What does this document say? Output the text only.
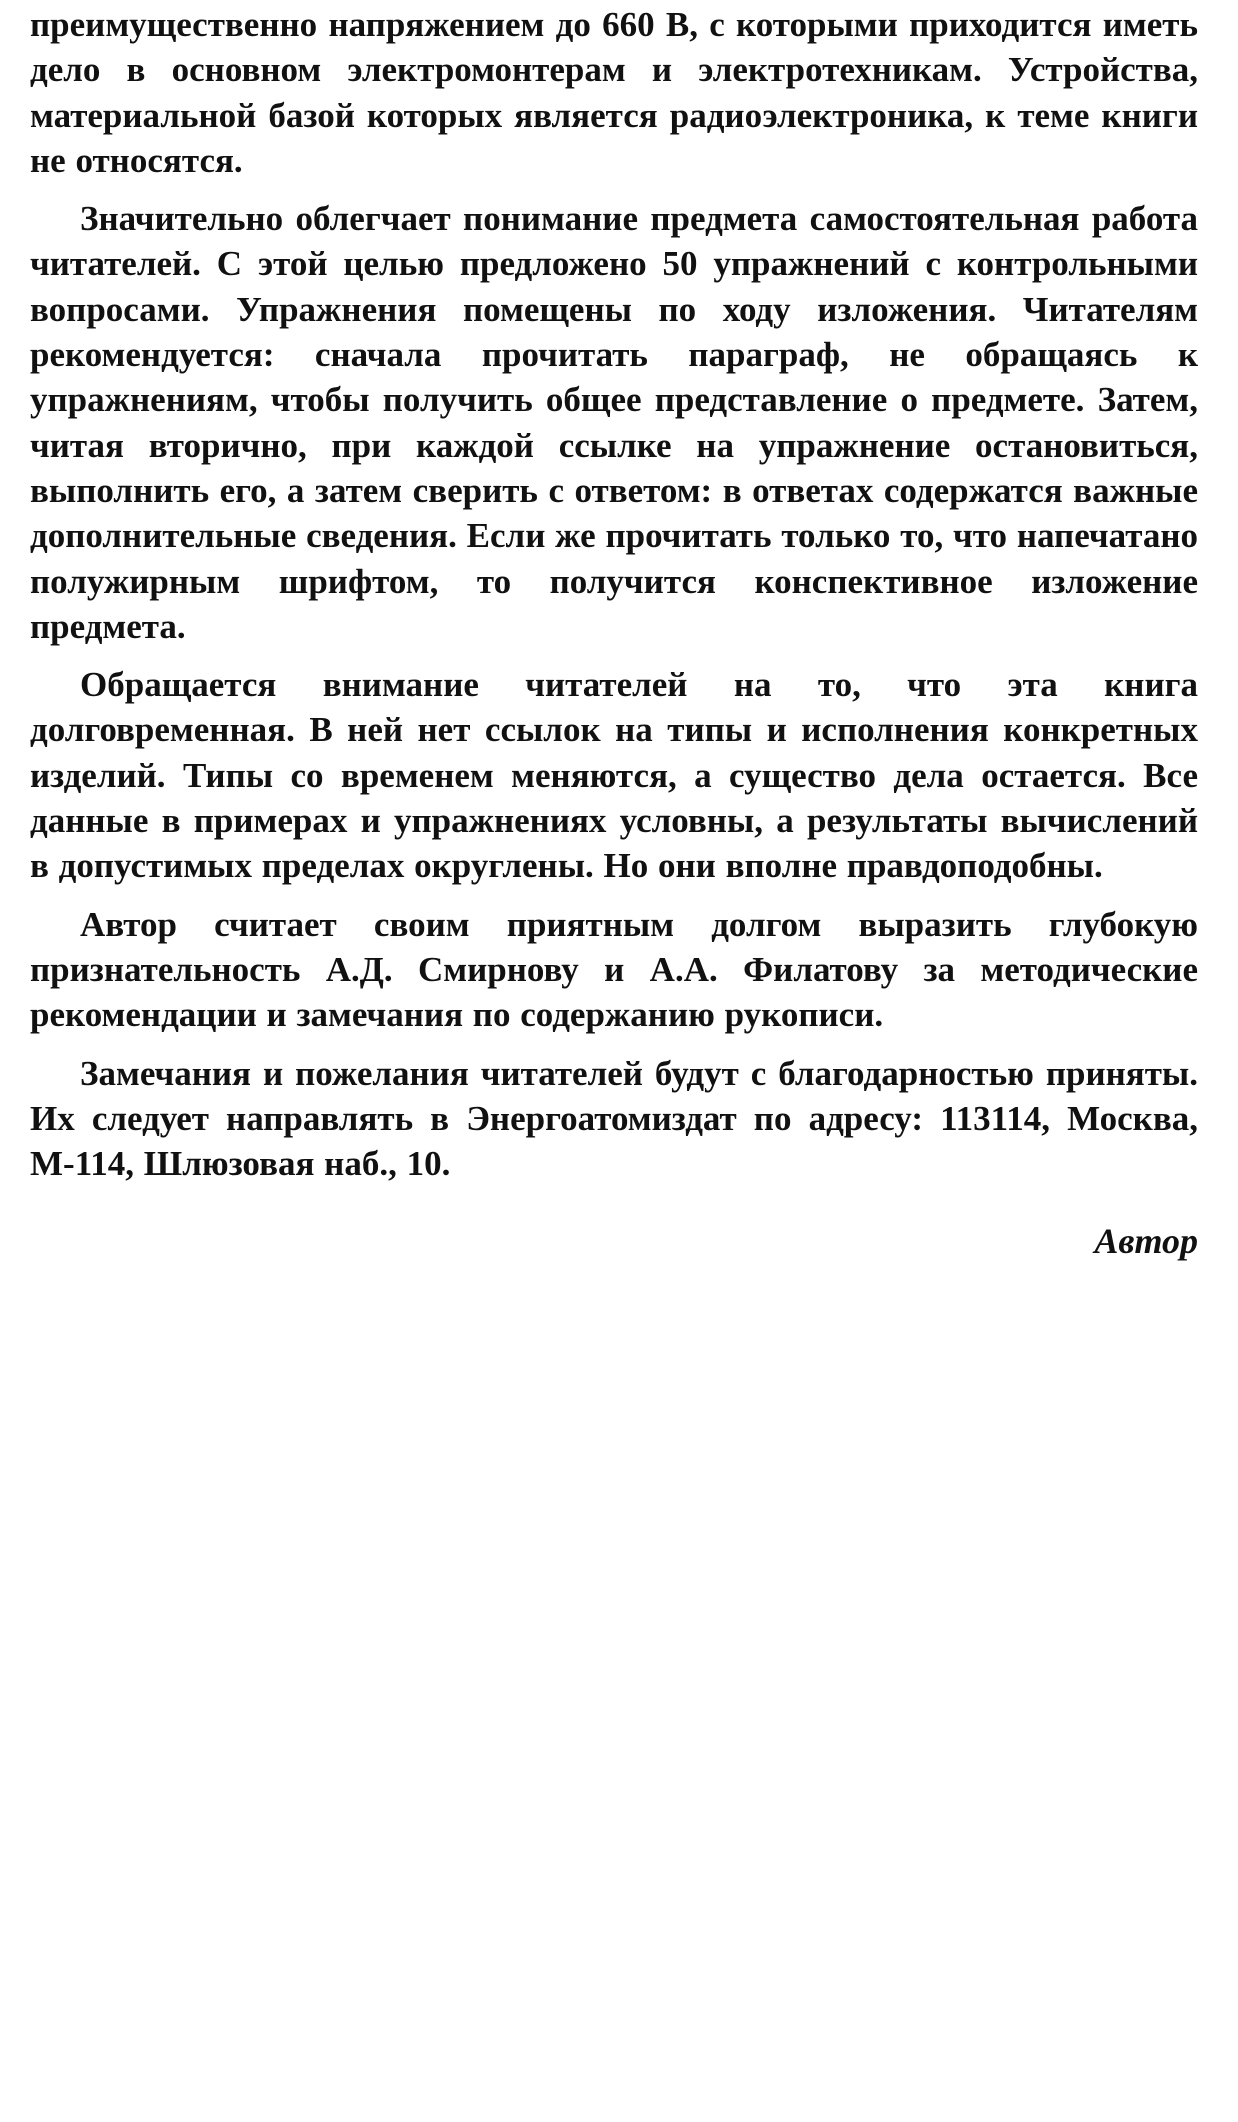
преимущественно напряжением до 660 В, с которыми приходится иметь дело в основном электромонтерам и электротехникам. Устройства, материальной базой которых является радиоэлектроника, к теме книги не относятся.

Значительно облегчает понимание предмета самостоятельная работа читателей. С этой целью предложено 50 упражнений с контрольными вопросами. Упражнения помещены по ходу изложения. Читателям рекомендуется: сначала прочитать параграф, не обращаясь к упражнениям, чтобы получить общее представление о предмете. Затем, читая вторично, при каждой ссылке на упражнение остановиться, выполнить его, а затем сверить с ответом: в ответах содержатся важные дополнительные сведения. Если же прочитать только то, что напечатано полужирным шрифтом, то получится конспективное изложение предмета.

Обращается внимание читателей на то, что эта книга долговременная. В ней нет ссылок на типы и исполнения конкретных изделий. Типы со временем меняются, а существо дела остается. Все данные в примерах и упражнениях условны, а результаты вычислений в допустимых пределах округлены. Но они вполне правдоподобны.

Автор считает своим приятным долгом выразить глубокую признательность А.Д. Смирнову и А.А. Филатову за методические рекомендации и замечания по содержанию рукописи.

Замечания и пожелания читателей будут с благодарностью приняты. Их следует направлять в Энергоатомиздат по адресу: 113114, Москва, М-114, Шлюзовая наб., 10.

Автор
